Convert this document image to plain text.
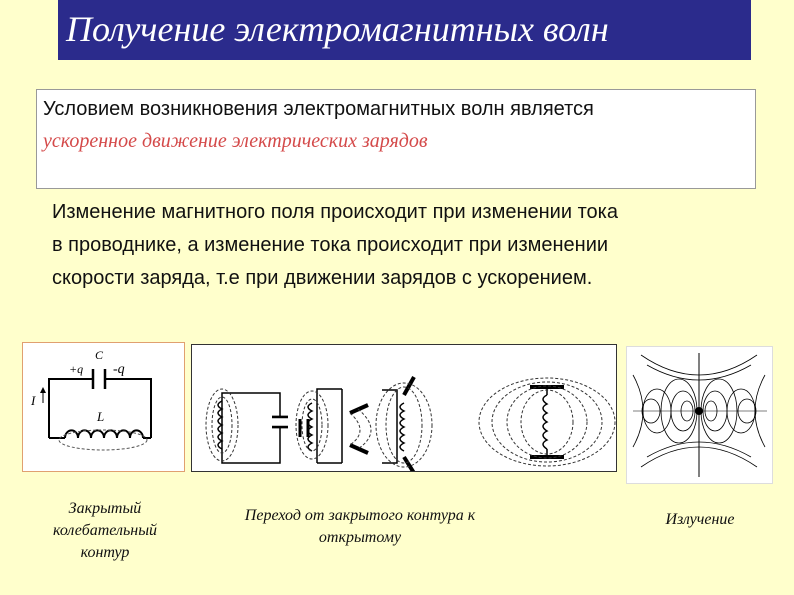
Получение электромагнитных волн
Условием возникновения электромагнитных волн является
ускоренное движение электрических зарядов
Изменение магнитного поля происходит при изменении тока
в проводнике, а изменение тока происходит при изменении
скорости заряда, т.е при движении зарядов с ускорением.
C
+q -q
I
L
Закрытый
колебательный
контур
Переход от закрытого контура к
открытому
Излучение
